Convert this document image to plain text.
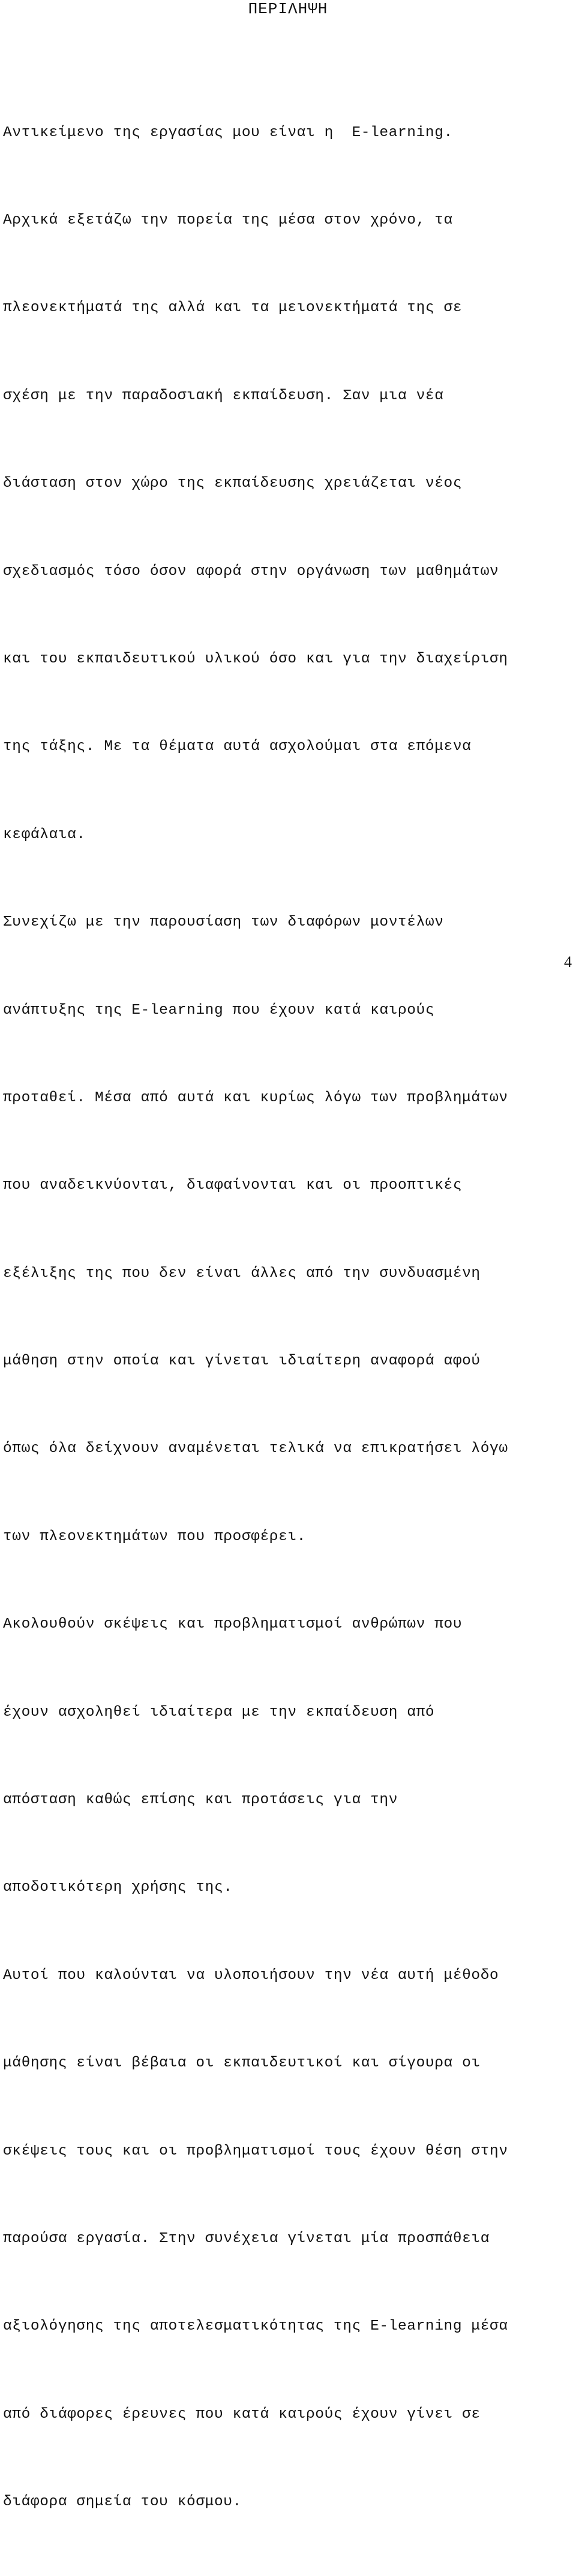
ΠΕΡΙΛΗΨΗ

Αντικείμενο της εργασίας μου είναι η  E-learning.

Αρχικά εξετάζω την πορεία της μέσα στον χρόνο, τα

πλεονεκτήματά της αλλά και τα μειονεκτήματά της σε

σχέση με την παραδοσιακή εκπαίδευση. Σαν μια νέα

διάσταση στον χώρο της εκπαίδευσης χρειάζεται νέος

σχεδιασμός τόσο όσον αφορά στην οργάνωση των μαθημάτων

και του εκπαιδευτικού υλικού όσο και για την διαχείριση

της τάξης. Με τα θέματα αυτά ασχολούμαι στα επόμενα

κεφάλαια.

Συνεχίζω με την παρουσίαση των διαφόρων μοντέλων

ανάπτυξης της E-learning που έχουν κατά καιρούς

προταθεί. Μέσα από αυτά και κυρίως λόγω των προβλημάτων

που αναδεικνύονται, διαφαίνονται και οι προοπτικές

εξέλιξης της που δεν είναι άλλες από την συνδυασμένη

μάθηση στην οποία και γίνεται ιδιαίτερη αναφορά αφού

όπως όλα δείχνουν αναμένεται τελικά να επικρατήσει λόγω

των πλεονεκτημάτων που προσφέρει.

Ακολουθούν σκέψεις και προβληματισμοί ανθρώπων που

έχουν ασχοληθεί ιδιαίτερα με την εκπαίδευση από

απόσταση καθώς επίσης και προτάσεις για την

αποδοτικότερη χρήσης της.

Αυτοί που καλούνται να υλοποιήσουν την νέα αυτή μέθοδο

μάθησης είναι βέβαια οι εκπαιδευτικοί και σίγουρα οι

σκέψεις τους και οι προβληματισμοί τους έχουν θέση στην

παρούσα εργασία. Στην συνέχεια γίνεται μία προσπάθεια

αξιολόγησης της αποτελεσματικότητας της E-learning μέσα

από διάφορες έρευνες που κατά καιρούς έχουν γίνει σε

διάφορα σημεία του κόσμου.

4
